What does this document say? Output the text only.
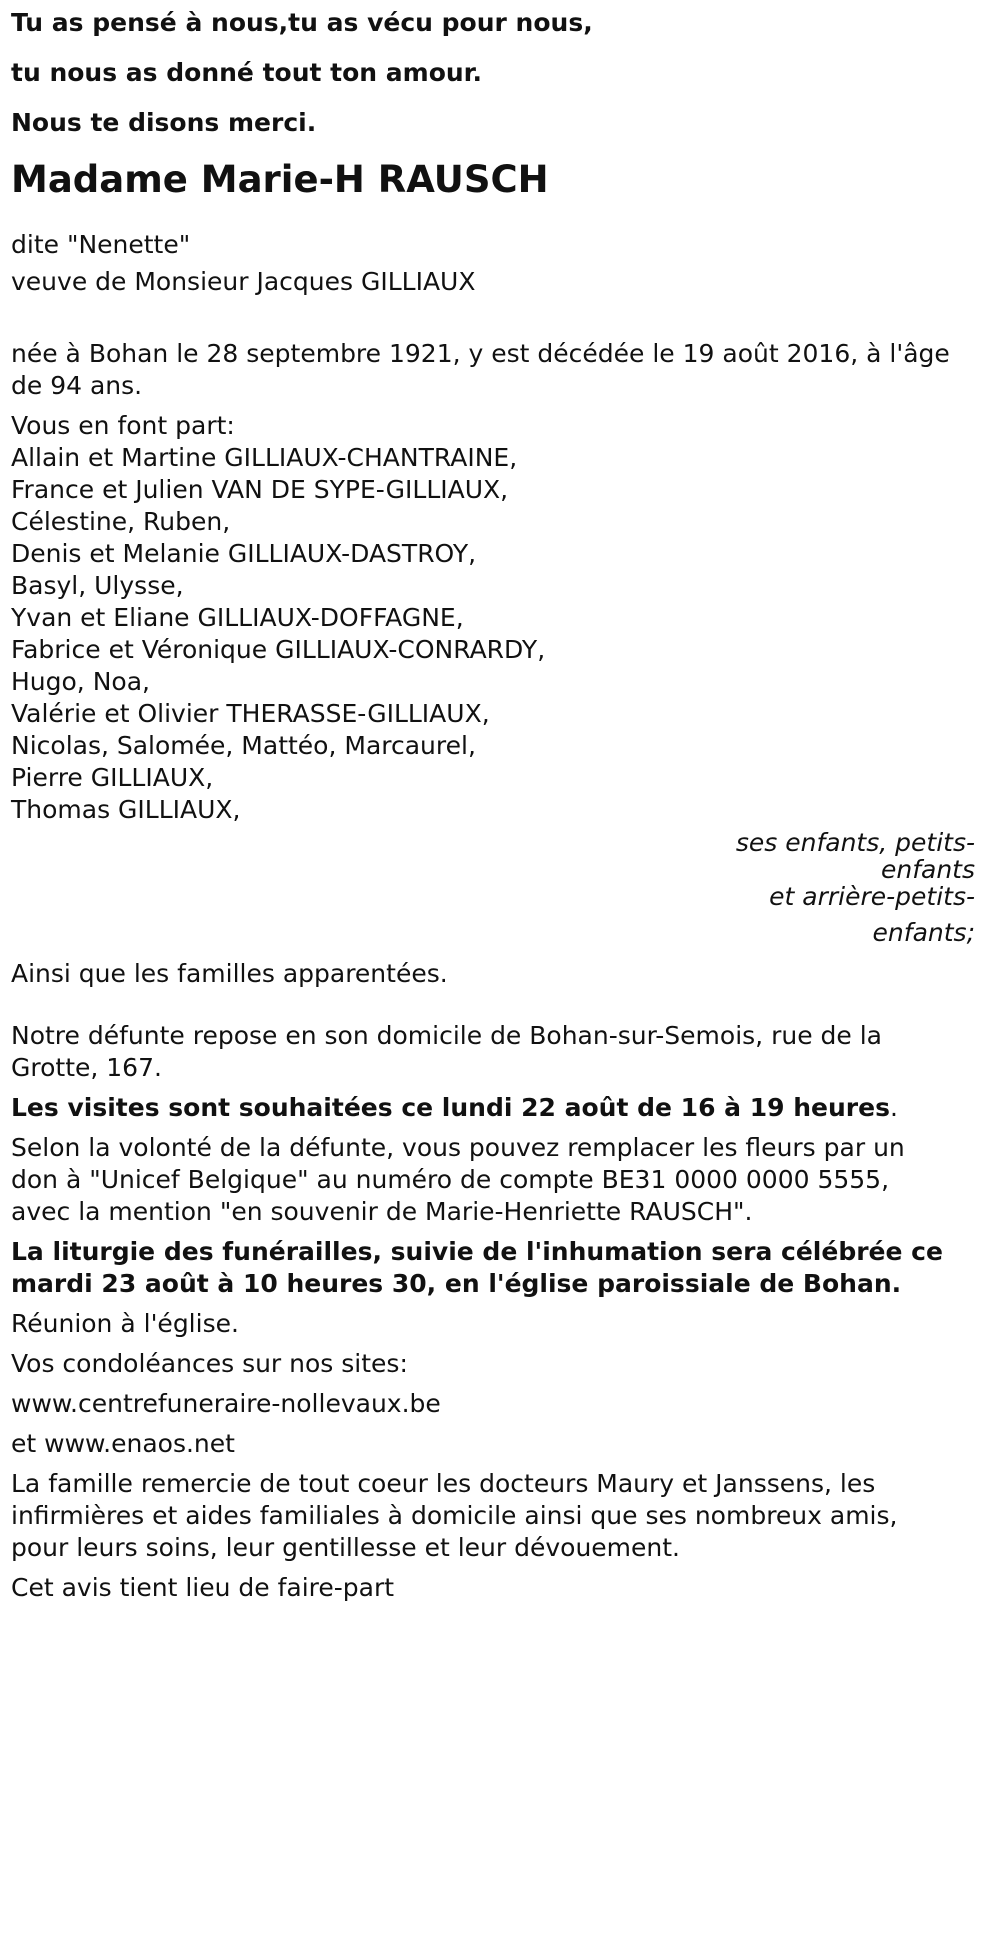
Tu as pensé à nous,tu as vécu pour nous,
tu nous as donné tout ton amour.
Nous te disons merci.
Madame Marie-H RAUSCH

dite "Nenette"
veuve de Monsieur Jacques GILLIAUX

née à Bohan le 28 septembre 1921, y est décédée le 19 août 2016, à l'âge
de 94 ans.

Vous en font part:
Allain et Martine GILLIAUX-CHANTRAINE,
France et Julien VAN DE SYPE-GILLIAUX,
Célestine, Ruben,
Denis et Melanie GILLIAUX-DASTROY,
Basyl, Ulysse,
Yvan et Eliane GILLIAUX-DOFFAGNE,
Fabrice et Véronique GILLIAUX-CONRARDY,
Hugo, Noa,
Valérie et Olivier THERASSE-GILLIAUX,
Nicolas, Salomée, Mattéo, Marcaurel,
Pierre GILLIAUX,
Thomas GILLIAUX,

ses enfants, petits-
enfants
et arrière-petits-
enfants;

Ainsi que les familles apparentées.

Notre défunte repose en son domicile de Bohan-sur-Semois, rue de la
Grotte, 167.

Les visites sont souhaitées ce lundi 22 août de 16 à 19 heures.

Selon la volonté de la défunte, vous pouvez remplacer les fleurs par un
don à "Unicef Belgique" au numéro de compte BE31 0000 0000 5555,
avec la mention "en souvenir de Marie-Henriette RAUSCH".

La liturgie des funérailles, suivie de l'inhumation sera célébrée ce
mardi 23 août à 10 heures 30, en l'église paroissiale de Bohan.

Réunion à l'église.

Vos condoléances sur nos sites:

www.centrefuneraire-nollevaux.be

et www.enaos.net

La famille remercie de tout coeur les docteurs Maury et Janssens, les
infirmières et aides familiales à domicile ainsi que ses nombreux amis,
pour leurs soins, leur gentillesse et leur dévouement.

Cet avis tient lieu de faire-part
